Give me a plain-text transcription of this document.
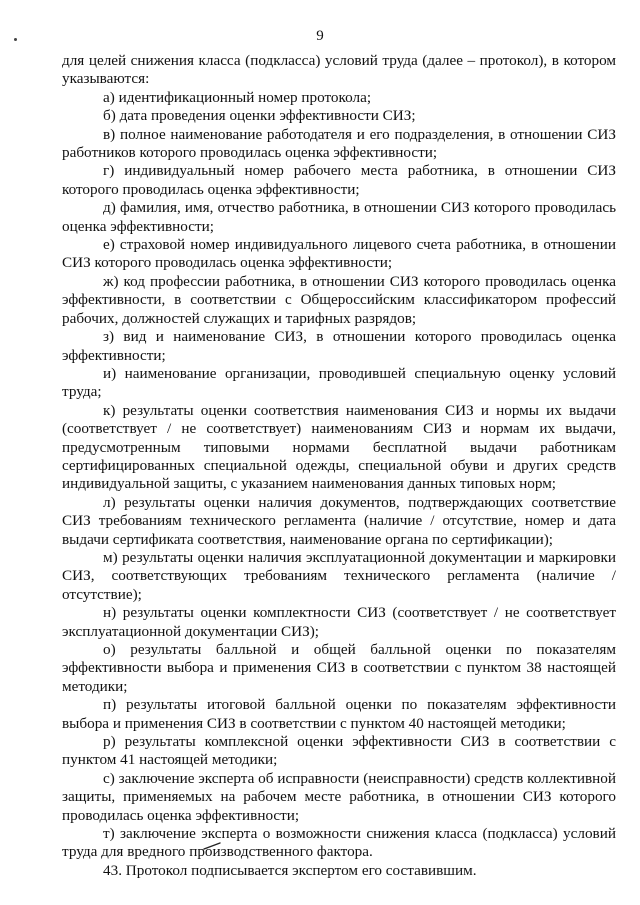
9

для целей снижения класса (подкласса) условий труда (далее – протокол), в котором указываются:

а) идентификационный номер протокола;

б) дата проведения оценки эффективности СИЗ;

в) полное наименование работодателя и его подразделения, в отношении СИЗ работников которого проводилась оценка эффективности;

г) индивидуальный номер рабочего места работника, в отношении СИЗ которого проводилась оценка эффективности;

д) фамилия, имя, отчество работника, в отношении СИЗ которого проводилась оценка эффективности;

е) страховой номер индивидуального лицевого счета работника, в отношении СИЗ которого проводилась оценка эффективности;

ж) код профессии работника, в отношении СИЗ которого проводилась оценка эффективности, в соответствии с Общероссийским классификатором профессий рабочих, должностей служащих и тарифных разрядов;

з) вид и наименование СИЗ, в отношении которого проводилась оценка эффективности;

и) наименование организации, проводившей специальную оценку условий труда;

к) результаты оценки соответствия наименования СИЗ и нормы их выдачи (соответствует / не соответствует) наименованиям СИЗ и нормам их выдачи, предусмотренным типовыми нормами бесплатной выдачи работникам сертифицированных специальной одежды, специальной обуви и других средств индивидуальной защиты, с указанием наименования данных типовых норм;

л) результаты оценки наличия документов, подтверждающих соответствие СИЗ требованиям технического регламента (наличие / отсутствие, номер и дата выдачи сертификата соответствия, наименование органа по сертификации);

м) результаты оценки наличия эксплуатационной документации и маркировки СИЗ, соответствующих требованиям технического регламента (наличие / отсутствие);

н) результаты оценки комплектности СИЗ (соответствует / не соответствует эксплуатационной документации СИЗ);

о) результаты балльной и общей балльной оценки по показателям эффективности выбора и применения СИЗ в соответствии с пунктом 38 настоящей методики;

п) результаты итоговой балльной оценки по показателям эффективности выбора и применения СИЗ в соответствии с пунктом 40 настоящей методики;

р) результаты комплексной оценки эффективности СИЗ в соответствии с пунктом 41 настоящей методики;

с) заключение эксперта об исправности (неисправности) средств коллективной защиты, применяемых на рабочем месте работника, в отношении СИЗ которого проводилась оценка эффективности;

т) заключение эксперта о возможности снижения класса (подкласса) условий труда для вредного производственного фактора.

43. Протокол подписывается экспертом его составившим.
